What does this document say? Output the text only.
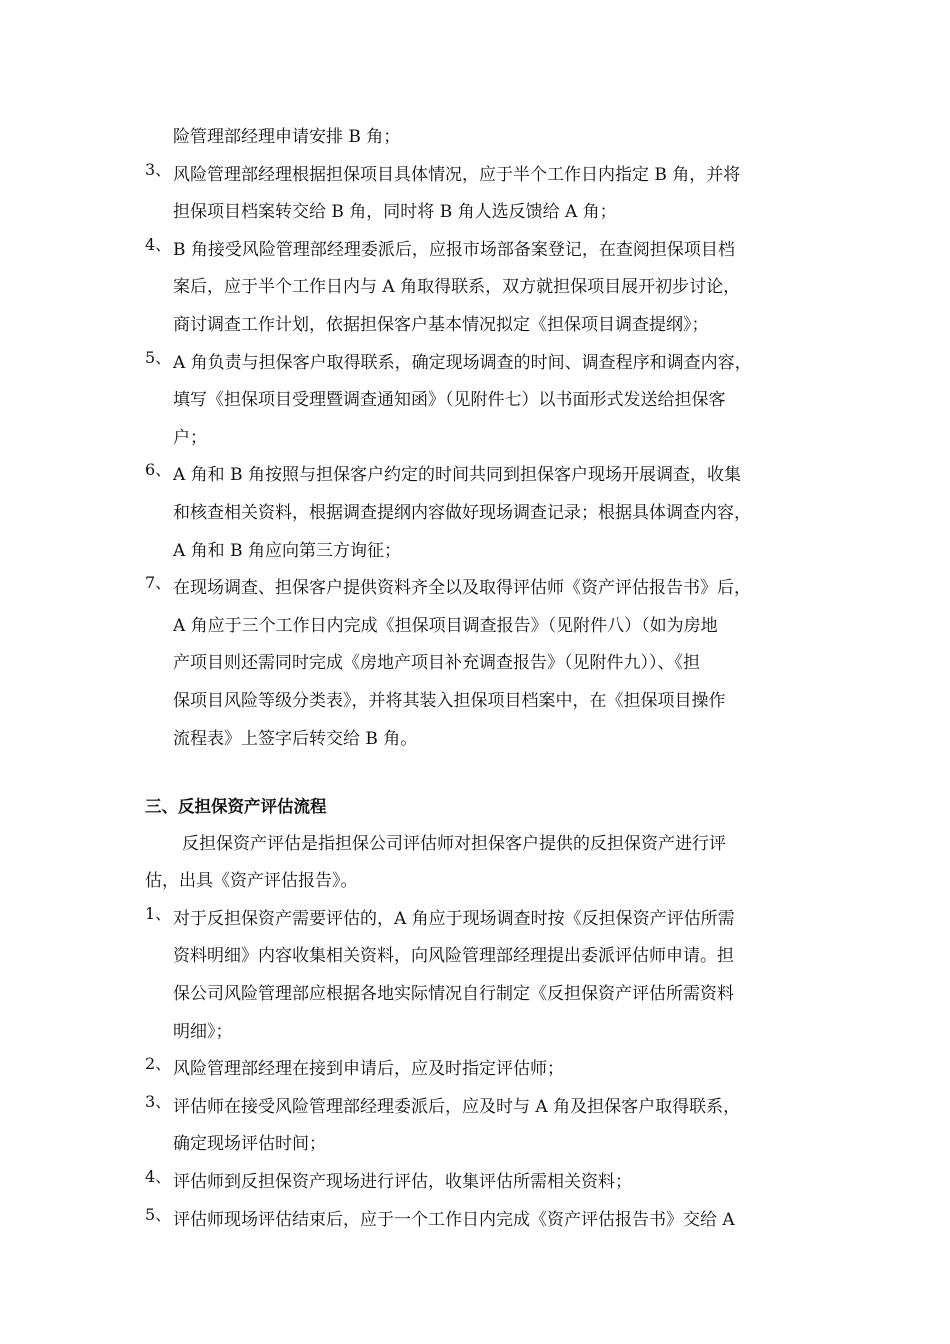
险管理部经理申请安排 B 角；
3、 风险管理部经理根据担保项目具体情况，应于半个工作日内指定 B 角，并将
担保项目档案转交给 B 角，同时将 B 角人选反馈给 A 角；
4、 B 角接受风险管理部经理委派后，应报市场部备案登记，在查阅担保项目档
案后，应于半个工作日内与 A 角取得联系，双方就担保项目展开初步讨论，
商讨调查工作计划，依据担保客户基本情况拟定《担保项目调查提纲》；
5、 A 角负责与担保客户取得联系，确定现场调查的时间、调查程序和调查内容，
填写《担保项目受理暨调查通知函》（见附件七）以书面形式发送给担保客
户；
6、 A 角和 B 角按照与担保客户约定的时间共同到担保客户现场开展调查，收集
和核查相关资料，根据调查提纲内容做好现场调查记录；根据具体调查内容，
A 角和 B 角应向第三方询征；
7、 在现场调查、担保客户提供资料齐全以及取得评估师《资产评估报告书》后，
A 角应于三个工作日内完成《担保项目调查报告》（见附件八）（如为房地
产项目则还需同时完成《房地产项目补充调查报告》（见附件九））、《担
保项目风险等级分类表》，并将其装入担保项目档案中，在《担保项目操作
流程表》上签字后转交给 B 角。
三、反担保资产评估流程
反担保资产评估是指担保公司评估师对担保客户提供的反担保资产进行评
估，出具《资产评估报告》。
1、 对于反担保资产需要评估的，A 角应于现场调查时按《反担保资产评估所需
资料明细》内容收集相关资料，向风险管理部经理提出委派评估师申请。担
保公司风险管理部应根据各地实际情况自行制定《反担保资产评估所需资料
明细》；
2、 风险管理部经理在接到申请后，应及时指定评估师；
3、 评估师在接受风险管理部经理委派后，应及时与 A 角及担保客户取得联系，
确定现场评估时间；
4、 评估师到反担保资产现场进行评估，收集评估所需相关资料；
5、 评估师现场评估结束后，应于一个工作日内完成《资产评估报告书》交给 A
